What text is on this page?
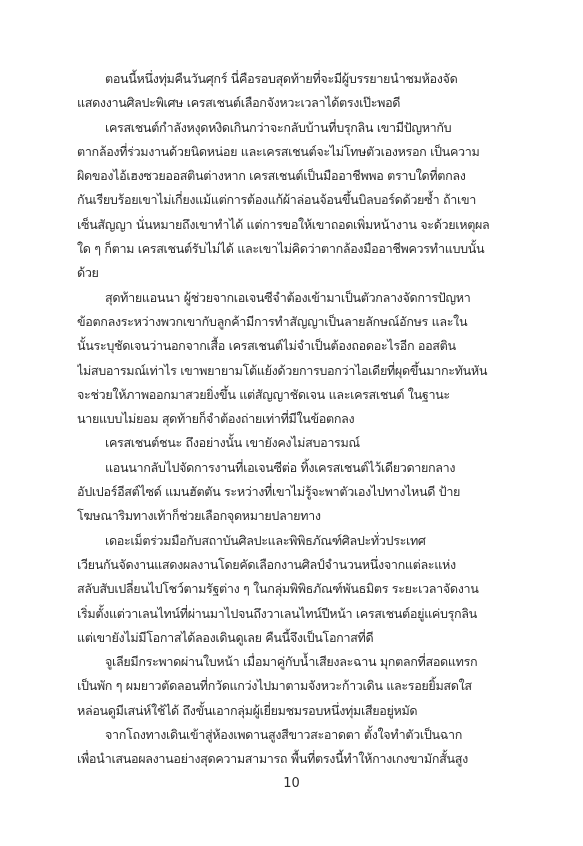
ตอนนี้หนึ่งทุ่มคืนวันศุกร์ นี่คือรอบสุดท้ายที่จะมีผู้บรรยายนำชมห้องจัด
แสดงงานศิลปะพิเศษ เครสเชนต์เลือกจังหวะเวลาได้ตรงเป๊ะพอดี
เครสเชนต์กำลังหงุดหงิดเกินกว่าจะกลับบ้านที่บรุกลิน เขามีปัญหากับ
ตากล้องที่ร่วมงานด้วยนิดหน่อย และเครสเชนต์จะไม่โทษตัวเองหรอก เป็นความ
ผิดของไอ้เฮงซวยออสตินต่างหาก เครสเชนต์เป็นมืออาชีพพอ ตราบใดที่ตกลง
กันเรียบร้อยเขาไม่เกี่ยงแม้แต่การต้องแก้ผ้าล่อนจ้อนขึ้นบิลบอร์ดด้วยซ้ำ ถ้าเขา
เซ็นสัญญา นั่นหมายถึงเขาทำได้ แต่การขอให้เขาถอดเพิ่มหน้างาน จะด้วยเหตุผล
ใด ๆ ก็ตาม เครสเชนต์รับไม่ได้ และเขาไม่คิดว่าตากล้องมืออาชีพควรทำแบบนั้น
ด้วย
สุดท้ายแอนนา ผู้ช่วยจากเอเจนซีจำต้องเข้ามาเป็นตัวกลางจัดการปัญหา
ข้อตกลงระหว่างพวกเขากับลูกค้ามีการทำสัญญาเป็นลายลักษณ์อักษร และใน
นั้นระบุชัดเจนว่านอกจากเสื้อ เครสเชนต์ไม่จำเป็นต้องถอดอะไรอีก ออสติน
ไม่สบอารมณ์เท่าไร เขาพยายามโต้แย้งด้วยการบอกว่าไอเดียที่ผุดขึ้นมากะทันหัน
จะช่วยให้ภาพออกมาสวยยิ่งขึ้น แต่สัญญาชัดเจน และเครสเชนต์ ในฐานะ
นายแบบไม่ยอม สุดท้ายก็จำต้องถ่ายเท่าที่มีในข้อตกลง
เครสเชนต์ชนะ ถึงอย่างนั้น เขายังคงไม่สบอารมณ์
แอนนากลับไปจัดการงานที่เอเจนซีต่อ ทิ้งเครสเชนต์ไว้เดียวดายกลาง
อัปเปอร์อีสต์ไซด์ แมนฮัตตัน ระหว่างที่เขาไม่รู้จะพาตัวเองไปทางไหนดี ป้าย
โฆษณาริมทางเท้าก็ช่วยเลือกจุดหมายปลายทาง
เดอะเม็ตร่วมมือกับสถาบันศิลปะและพิพิธภัณฑ์ศิลปะทั่วประเทศ
เวียนกันจัดงานแสดงผลงานโดยคัดเลือกงานศิลป์จำนวนหนึ่งจากแต่ละแห่ง
สลับสับเปลี่ยนไปโชว์ตามรัฐต่าง ๆ ในกลุ่มพิพิธภัณฑ์พันธมิตร ระยะเวลาจัดงาน
เริ่มตั้งแต่วาเลนไทน์ที่ผ่านมาไปจนถึงวาเลนไทน์ปีหน้า เครสเชนต์อยู่แค่บรุกลิน
แต่เขายังไม่มีโอกาสได้ลองเดินดูเลย คืนนี้จึงเป็นโอกาสที่ดี
จูเลียมีกระพาดผ่านใบหน้า เมื่อมาคู่กับน้ำเสียงละฉาน มุกตลกที่สอดแทรก
เป็นพัก ๆ ผมยาวตัดลอนที่กวัดแกว่งไปมาตามจังหวะก้าวเดิน และรอยยิ้มสดใส
หล่อนดูมีเสน่ห์ใช้ได้ ถึงขั้นเอากลุ่มผู้เยี่ยมชมรอบหนึ่งทุ่มเสียอยู่หมัด
จากโถงทางเดินเข้าสู่ห้องเพดานสูงสีขาวสะอาดตา ตั้งใจทำตัวเป็นฉาก
เพื่อนำเสนอผลงานอย่างสุดความสามารถ พื้นที่ตรงนี้ทำให้กางเกงขามักสั้นสูง
10
